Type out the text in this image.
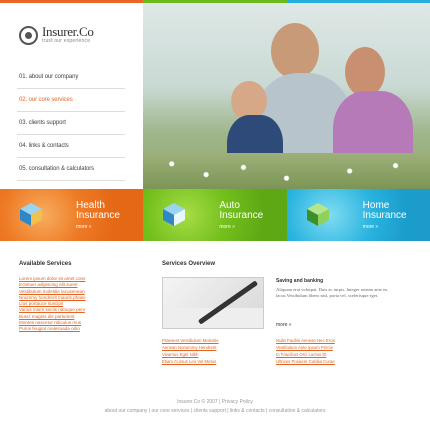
Insurer.Co
trust our experience
01. about our company
02. our core services
03. clients support
04. links & contacts
05. consultation & calculators
Health
Insurance
more »
Auto
Insurance
more »
Home
Insurance
more »
Available Services
Lorem ipsum dolor sit amet cons
Ectetuer adipiscing elit.suent
Vestibulum molestie lacusenean
Nnummy hendrerit mauris.phase
Llus portauce suscipit
Varius mium sociis natoque peni
Busct magnis dis parturient
Montes nascetur ridiculus mus
Purus feugiat malesuada odio
Services Overview
Saving and banking
Aliquam erat volutpat. Duis ac turpis. Integer rutrum ante eu lacus.Vestibulum libero nisl, porta vel, scelerisque eget.
more »
Praesent Vestibulum Molestie
Aenean Nonummy Hendrerit
Vivamus Eget Nibh
Etiam Cursus Leo Vel Metus
Nulla Facilisi Aenean Nec Eros
Vestibulum Ante Ipsum Primis
In Faucibus Orci Luctus Et
Ultrices Posuere Cubilia Curae
Insurer.Co © 2007 | Privacy Policy
about our company | our core services | clients support | links & contacts | consultation & calculators
